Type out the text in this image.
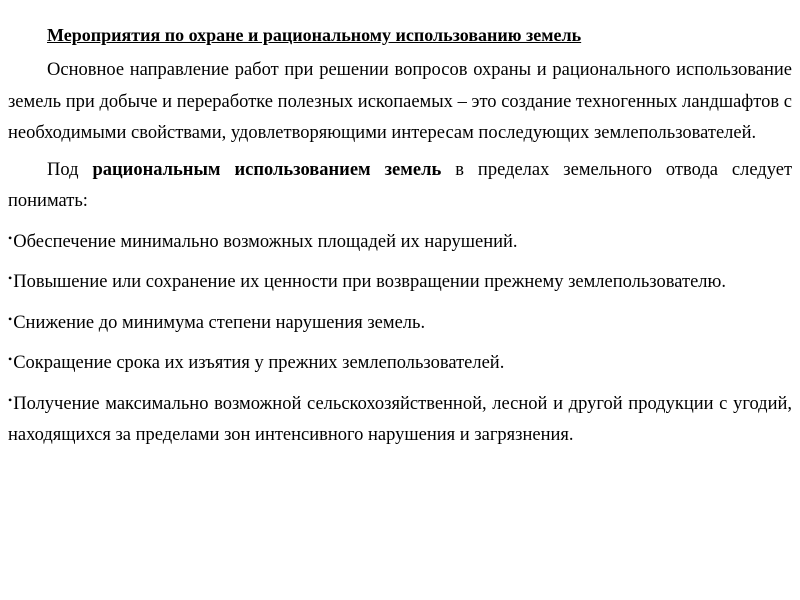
Мероприятия по охране и рациональному использованию земель

Основное направление работ при решении вопросов охраны и рационального использование земель при добыче и переработке полезных ископаемых – это создание техногенных ландшафтов с необходимыми свойствами, удовлетворяющими интересам последующих землепользователей.

Под рациональным использованием земель в пределах земельного отвода следует понимать:

•Обеспечение минимально возможных площадей их нарушений.

•Повышение или сохранение их ценности при возвращении прежнему землепользователю.

•Снижение до минимума степени нарушения земель.

•Сокращение срока их изъятия у прежних землепользователей.

•Получение максимально возможной сельскохозяйственной, лесной и другой продукции с угодий, находящихся за пределами зон интенсивного нарушения и загрязнения.
